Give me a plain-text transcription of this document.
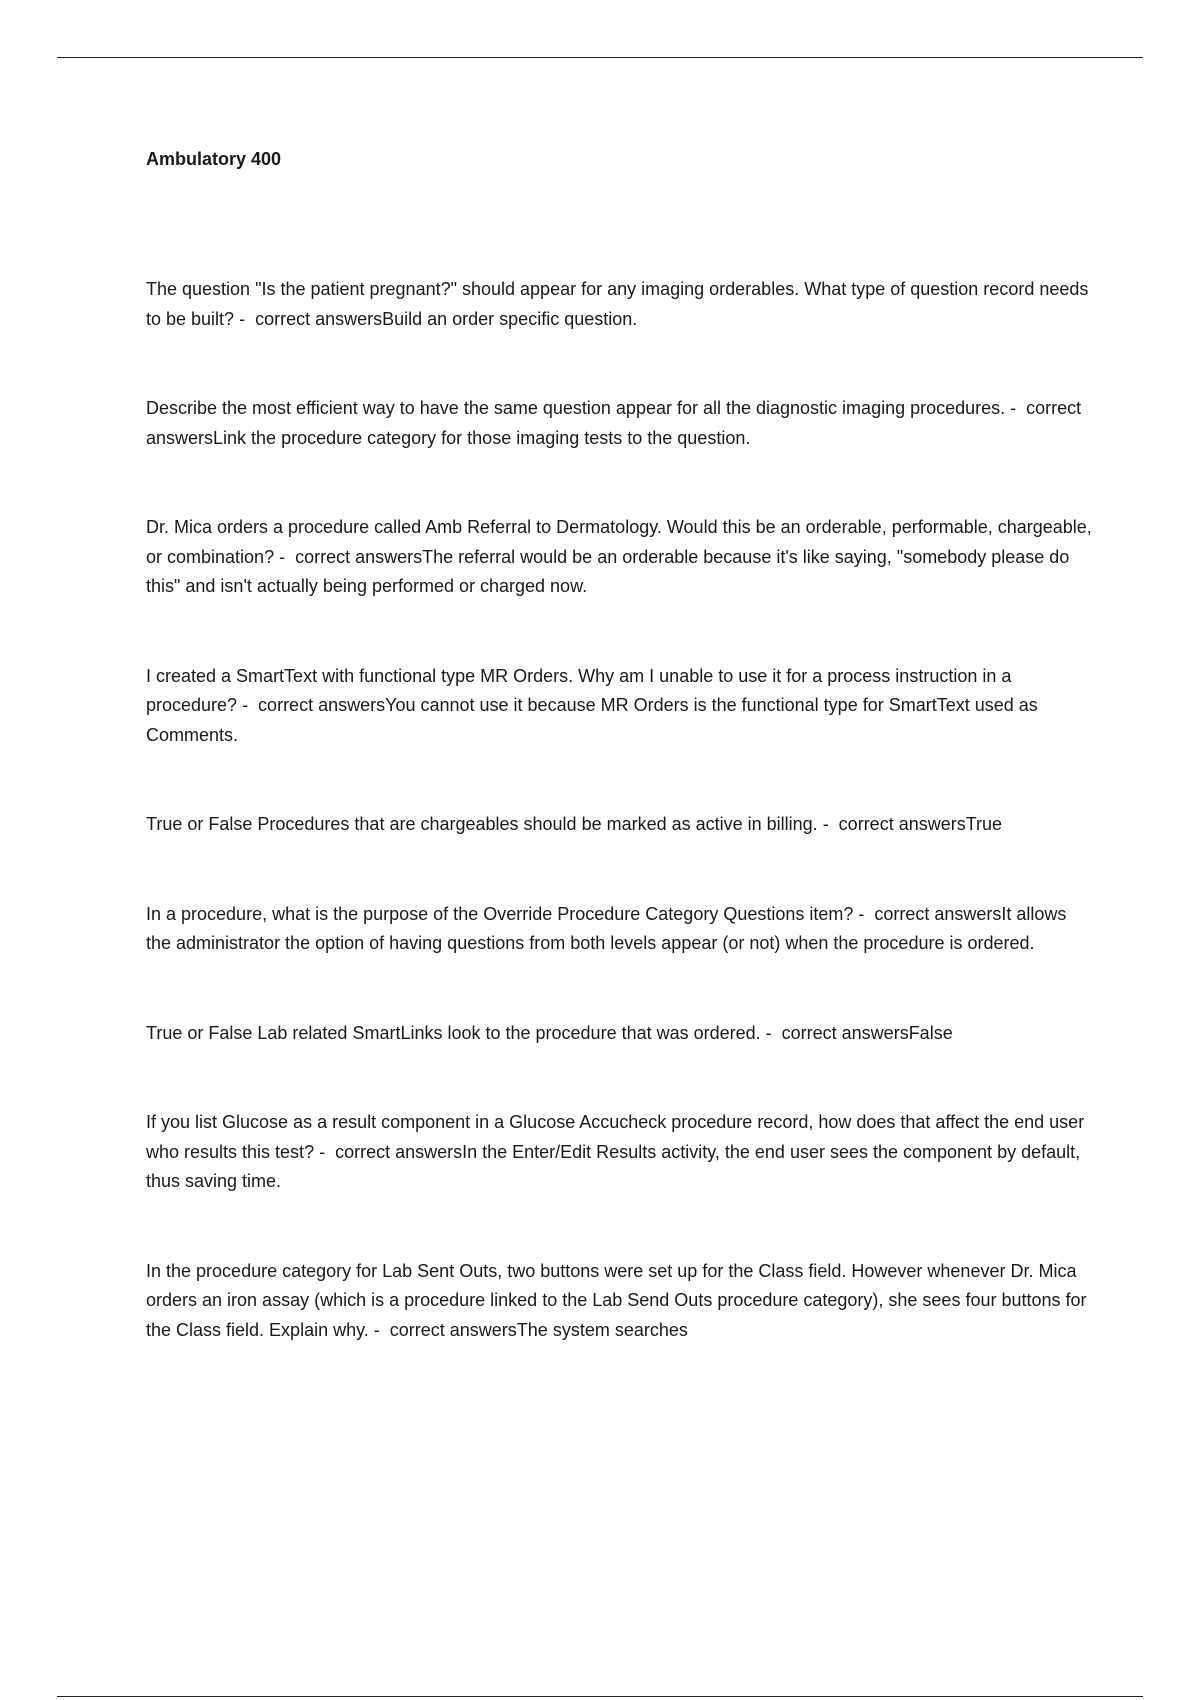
Ambulatory 400

The question "Is the patient pregnant?" should appear for any imaging orderables. What type of question record needs to be built? -  correct answersBuild an order specific question.

Describe the most efficient way to have the same question appear for all the diagnostic imaging procedures. -  correct answersLink the procedure category for those imaging tests to the question.

Dr. Mica orders a procedure called Amb Referral to Dermatology. Would this be an orderable, performable, chargeable, or combination? -  correct answersThe referral would be an orderable because it's like saying, "somebody please do this" and isn't actually being performed or charged now.

I created a SmartText with functional type MR Orders. Why am I unable to use it for a process instruction in a procedure? -  correct answersYou cannot use it because MR Orders is the functional type for SmartText used as Comments.

True or False Procedures that are chargeables should be marked as active in billing. -  correct answersTrue

In a procedure, what is the purpose of the Override Procedure Category Questions item? -  correct answersIt allows the administrator the option of having questions from both levels appear (or not) when the procedure is ordered.

True or False Lab related SmartLinks look to the procedure that was ordered. -  correct answersFalse

If you list Glucose as a result component in a Glucose Accucheck procedure record, how does that affect the end user who results this test? -  correct answersIn the Enter/Edit Results activity, the end user sees the component by default, thus saving time.

In the procedure category for Lab Sent Outs, two buttons were set up for the Class field. However whenever Dr. Mica orders an iron assay (which is a procedure linked to the Lab Send Outs procedure category), she sees four buttons for the Class field. Explain why. -  correct answersThe system searches
